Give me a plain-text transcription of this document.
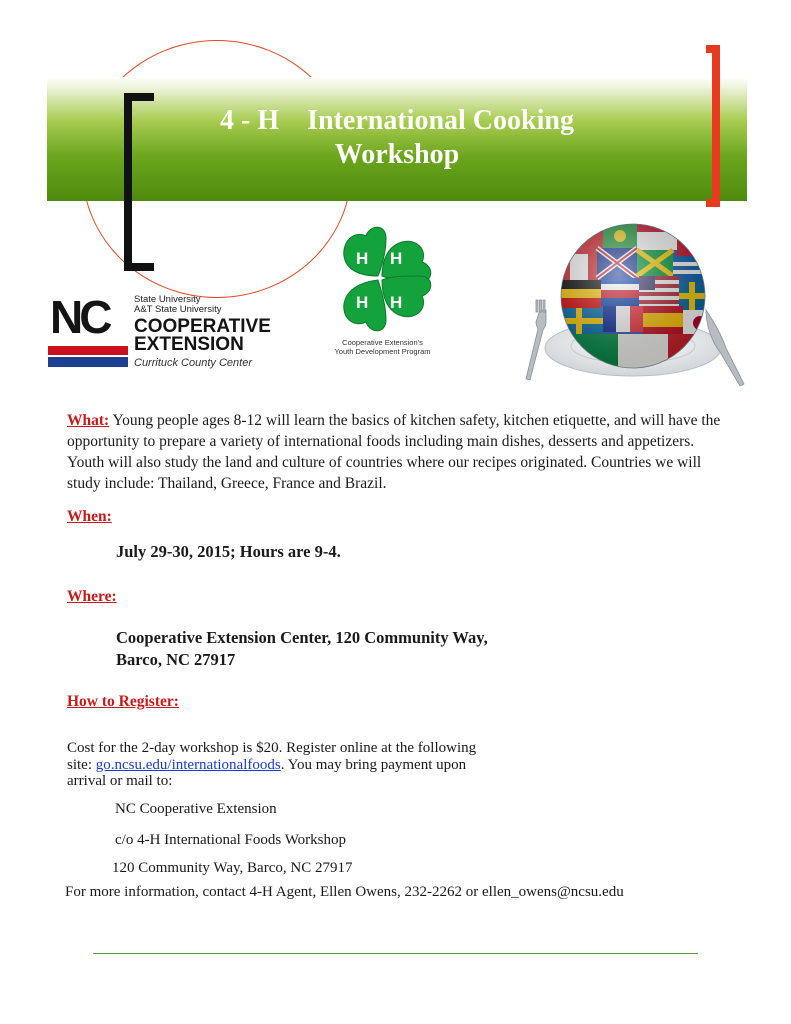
4 - H    International Cooking
Workshop
NC	State University
A&T State University
COOPERATIVE
EXTENSION
Currituck County Center
H H
H H
Cooperative Extension's
Youth Development Program
What: Young people ages 8-12 will learn the basics of kitchen safety, kitchen etiquette, and will have the opportunity to prepare a variety of international foods including main dishes, desserts and appetizers. Youth will also study the land and culture of countries where our recipes originated. Countries we will study include: Thailand, Greece, France and Brazil.
When:
July 29-30, 2015; Hours are 9-4.
Where:
Cooperative Extension Center, 120 Community Way,
Barco, NC 27917
How to Register:
Cost for the 2-day workshop is $20. Register online at the following
site: go.ncsu.edu/internationalfoods. You may bring payment upon
arrival or mail to:
NC Cooperative Extension
c/o 4-H International Foods Workshop
120 Community Way, Barco, NC 27917
For more information, contact 4-H Agent, Ellen Owens, 232-2262 or ellen_owens@ncsu.edu
